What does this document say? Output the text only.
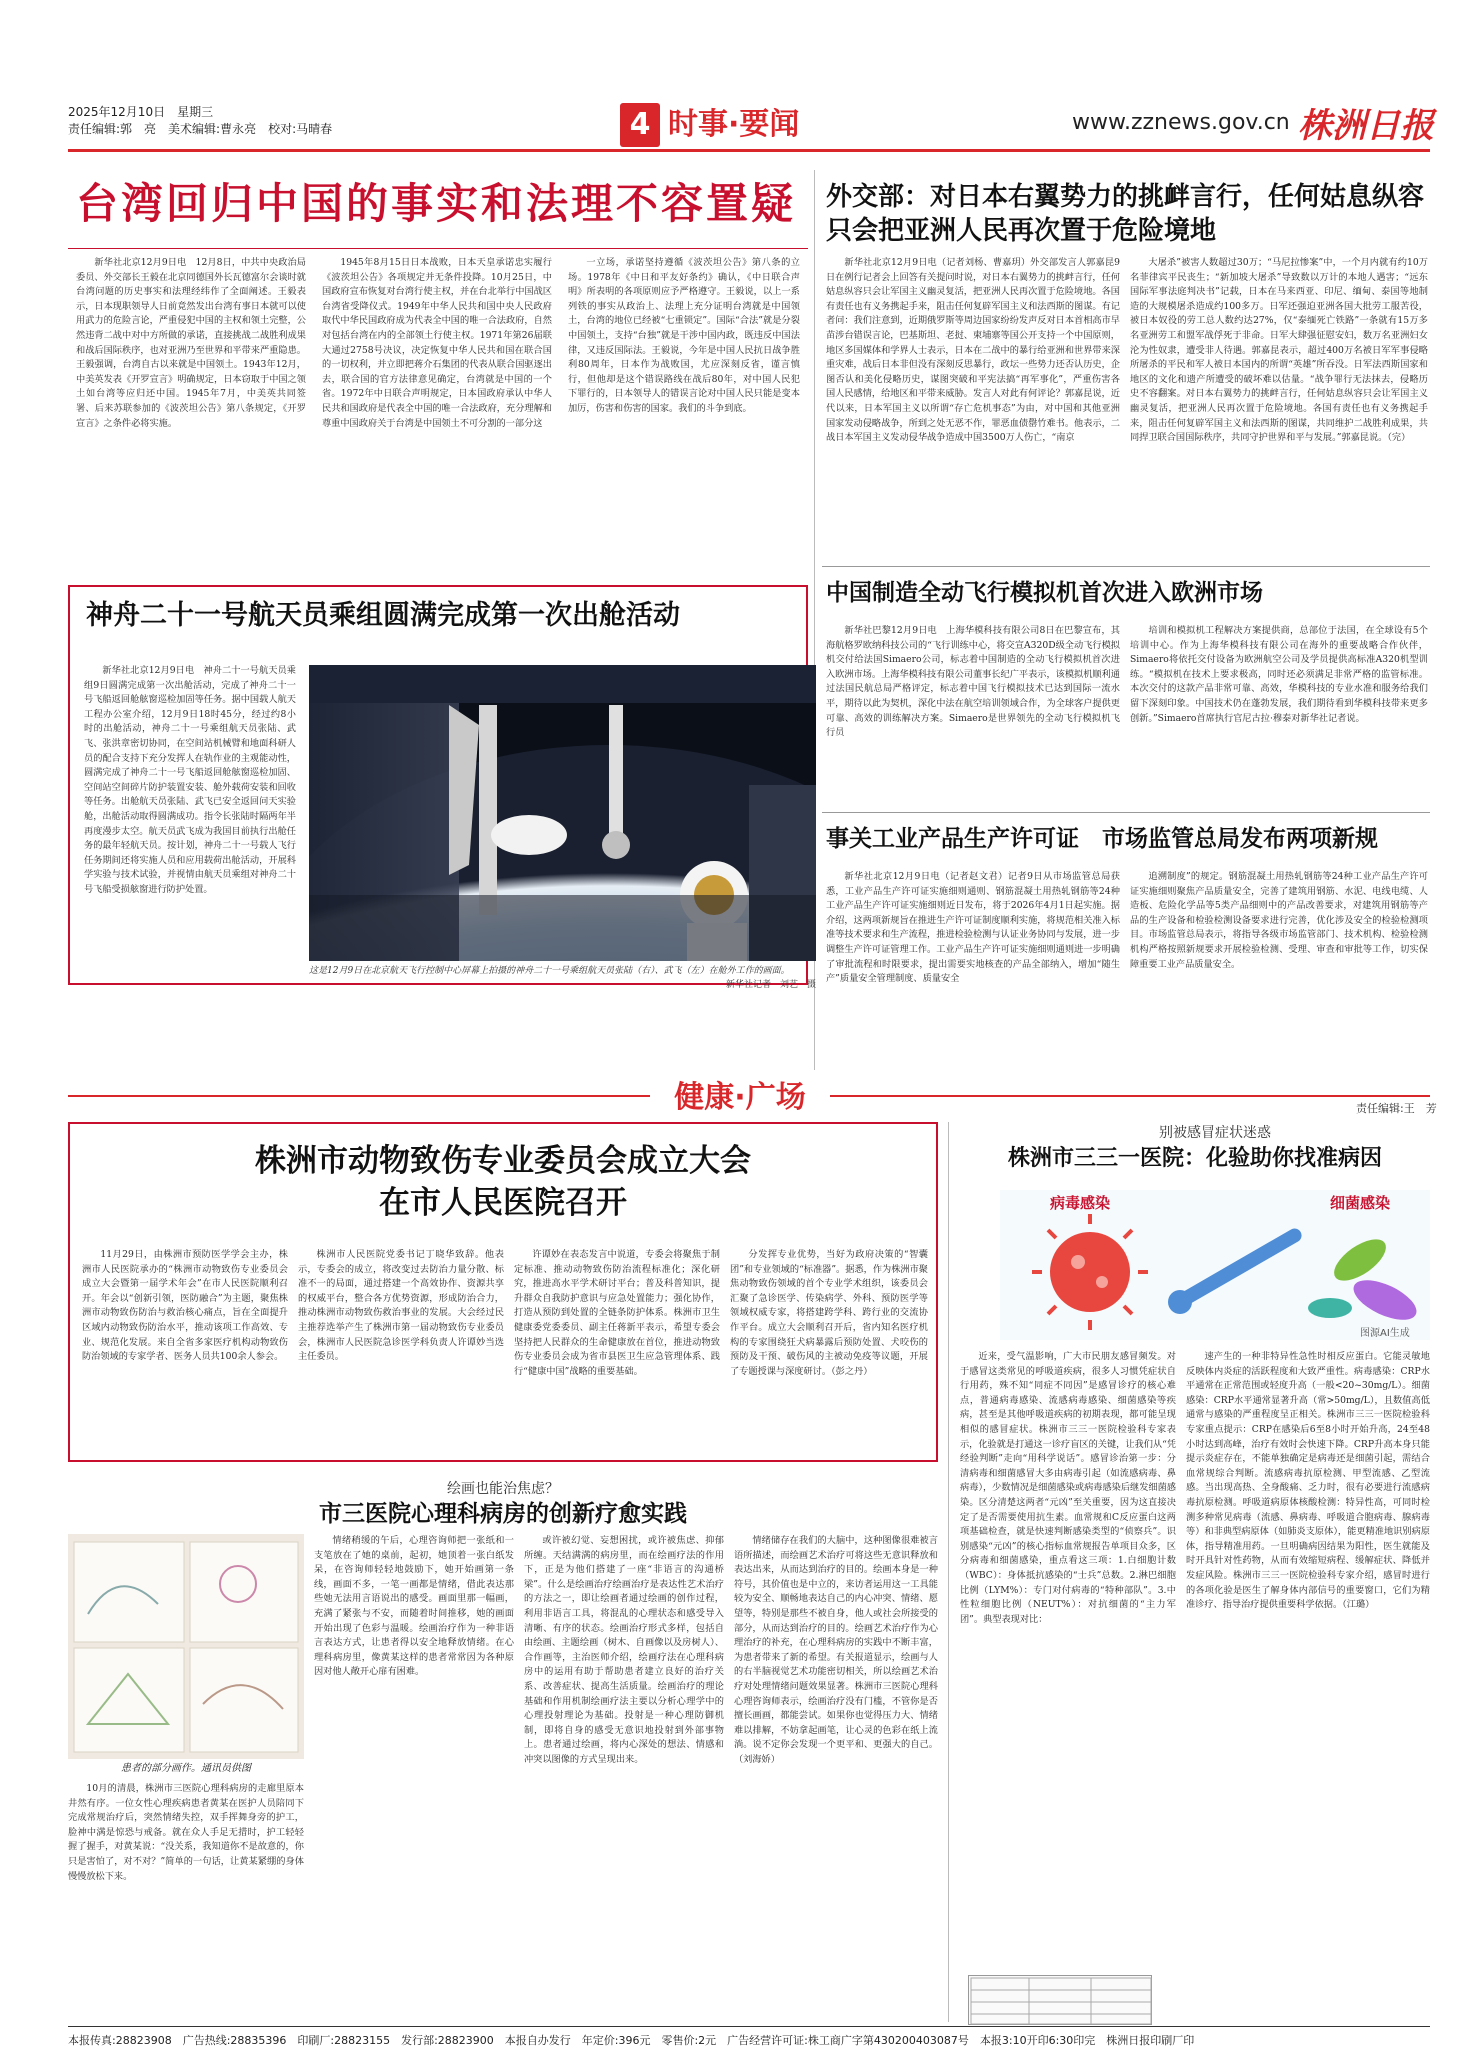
2025年12月10日　星期三
责任编辑:郭　亮　美术编辑:曹永亮　校对:马晴春	4 时事·要闻	www.zznews.gov.cn 株洲日报
台湾回归中国的事实和法理不容置疑
新华社北京12月9日电　12月8日，中共中央政治局委员、外交部长王毅在北京同德国外长瓦德富尔会谈时就台湾问题的历史事实和法理经纬作了全面阐述。王毅表示，日本现职领导人日前竟然发出台湾有事日本就可以使用武力的危险言论，严重侵犯中国的主权和领土完整，公然违背二战中对中方所做的承诺，直接挑战二战胜利成果和战后国际秩序，也对亚洲乃至世界和平带来严重隐患。王毅强调，台湾自古以来就是中国领土。1943年12月，中美英发表《开罗宣言》明确规定，日本窃取于中国之领土如台湾等应归还中国。1945年7月，中美英共同签署、后来苏联参加的《波茨坦公告》第八条规定，《开罗宣言》之条件必将实施。
1945年8月15日日本战败，日本天皇承诺忠实履行《波茨坦公告》各项规定并无条件投降。10月25日，中国政府宣布恢复对台湾行使主权，并在台北举行中国战区台湾省受降仪式。1949年中华人民共和国中央人民政府取代中华民国政府成为代表全中国的唯一合法政府，自然对包括台湾在内的全部领土行使主权。1971年第26届联大通过2758号决议，决定恢复中华人民共和国在联合国的一切权利，并立即把蒋介石集团的代表从联合国驱逐出去，联合国的官方法律意见确定，台湾就是中国的一个省。1972年中日联合声明规定，日本国政府承认中华人民共和国政府是代表全中国的唯一合法政府，充分理解和尊重中国政府关于台湾是中国领土不可分割的一部分这
一立场，承诺坚持遵循《波茨坦公告》第八条的立场。1978年《中日和平友好条约》确认，《中日联合声明》所表明的各项原则应予严格遵守。王毅说，以上一系列铁的事实从政治上、法理上充分证明台湾就是中国领土，台湾的地位已经被“七重锁定”。国际“合法”就是分裂中国领土，支持“台独”就是干涉中国内政，既违反中国法律，又违反国际法。王毅说，今年是中国人民抗日战争胜利80周年，日本作为战败国，尤应深刻反省，谨言慎行，但他却是这个错误路线在战后80年，对中国人民犯下罪行的，日本领导人的错误言论对中国人民只能是变本加厉，伤害和伤害的国家。我们的斗争到底。
外交部：对日本右翼势力的挑衅言行，任何姑息纵容只会把亚洲人民再次置于危险境地
新华社北京12月9日电（记者刘杨、曹嘉玥）外交部发言人郭嘉昆9日在例行记者会上回答有关提问时说，对日本右翼势力的挑衅言行，任何姑息纵容只会让军国主义幽灵复活，把亚洲人民再次置于危险境地。各国有责任也有义务携起手来，阻击任何复辟军国主义和法西斯的图谋。有记者问：我们注意到，近期俄罗斯等周边国家纷纷发声反对日本首相高市早苗涉台错误言论，巴基斯坦、老挝、柬埔寨等国公开支持一个中国原则，地区多国媒体和学界人士表示，日本在二战中的暴行给亚洲和世界带来深重灾难，战后日本非但没有深刻反思暴行，政坛一些势力还否认历史，企图否认和美化侵略历史，谋图突破和平宪法搞“再军事化”，严重伤害各国人民感情，给地区和平带来威胁。发言人对此有何评论？郭嘉昆说，近代以来，日本军国主义以所谓“存亡危机事态”为由，对中国和其他亚洲国家发动侵略战争，所到之处无恶不作，罪恶血债罄竹难书。他表示，二战日本军国主义发动侵华战争造成中国3500万人伤亡，“南京
大屠杀”被害人数超过30万；“马尼拉惨案”中，一个月内就有约10万名菲律宾平民丧生；“新加坡大屠杀”导致数以万计的本地人遇害；“远东国际军事法庭判决书”记载，日本在马来西亚、印尼、缅甸、泰国等地制造的大规模屠杀造成约100多万。日军还强迫亚洲各国大批劳工服苦役，被日本奴役的劳工总人数约达27%，仅“泰缅死亡铁路”一条就有15万多名亚洲劳工和盟军战俘死于非命。日军大肆强征慰安妇，数万名亚洲妇女沦为性奴隶，遭受非人待遇。郭嘉昆表示，超过400万名被日军军事侵略所屠杀的平民和军人被日本国内的所谓“英雄”所吞没。日军法西斯国家和地区的文化和遗产所遭受的破坏难以估量。“战争罪行无法抹去，侵略历史不容翻案。对日本右翼势力的挑衅言行，任何姑息纵容只会让军国主义幽灵复活，把亚洲人民再次置于危险境地。各国有责任也有义务携起手来，阻击任何复辟军国主义和法西斯的图谋，共同维护二战胜利成果，共同捍卫联合国国际秩序，共同守护世界和平与发展。”郭嘉昆说。（完）
神舟二十一号航天员乘组圆满完成第一次出舱活动
新华社北京12月9日电　神舟二十一号航天员乘组9日圆满完成第一次出舱活动，完成了神舟二十一号飞船返回舱舷窗巡检加固等任务。据中国载人航天工程办公室介绍，12月9日18时45分，经过约8小时的出舱活动，神舟二十一号乘组航天员张陆、武飞、张洪章密切协同，在空间站机械臂和地面科研人员的配合支持下充分发挥人在轨作业的主观能动性，圆满完成了神舟二十一号飞船返回舱舷窗巡检加固、空间站空间碎片防护装置安装、舱外载荷安装和回收等任务。出舱航天员张陆、武飞已安全返回问天实验舱，出舱活动取得圆满成功。指令长张陆时隔两年半再度漫步太空。航天员武飞成为我国目前执行出舱任务的最年轻航天员。按计划，神舟二十一号载人飞行任务期间还将实施人员和应用载荷出舱活动，开展科学实验与技术试验，并视情由航天员乘组对神舟二十号飞船受损舷窗进行防护处置。
这是12月9日在北京航天飞行控制中心屏幕上拍摄的神舟二十一号乘组航天员张陆（右）、武飞（左）在舱外工作的画面。
新华社记者　刘艺　摄
中国制造全动飞行模拟机首次进入欧洲市场
新华社巴黎12月9日电　上海华模科技有限公司8日在巴黎宣布，其海航格罗欧纳科技公司的“飞行训练中心，将交宣A320D级全动飞行模拟机交付给法国Simaero公司，标志着中国制造的全动飞行模拟机首次进入欧洲市场。上海华模科技有限公司董事长纪广平表示，该模拟机顺利通过法国民航总局严格评定，标志着中国飞行模拟技术已达到国际一流水平，期待以此为契机，深化中法在航空培训领域合作，为全球客户提供更可靠、高效的训练解决方案。Simaero是世界领先的全动飞行模拟机飞行员
培训和模拟机工程解决方案提供商，总部位于法国，在全球设有5个培训中心。作为上海华模科技有限公司在海外的重要战略合作伙伴，Simaero将依托交付设备为欧洲航空公司及学员提供高标准A320机型训练。“模拟机在技术上要求极高，同时还必须满足非常严格的监管标准。本次交付的这款产品非常可靠、高效，华模科技的专业水准和服务给我们留下深刻印象。中国技术仍在蓬勃发展，我们期待看到华模科技带来更多创新。”Simaero首席执行官尼古拉·穆泰对新华社记者说。
事关工业产品生产许可证　市场监管总局发布两项新规
新华社北京12月9日电（记者赵文君）记者9日从市场监管总局获悉，工业产品生产许可证实施细则通则、钢筋混凝土用热轧钢筋等24种工业产品生产许可证实施细则近日发布，将于2026年4月1日起实施。据介绍，这两项新规旨在推进生产许可证制度顺利实施，将规范相关准入标准等技术要求和生产流程，推进检验检测与认证业务协同与发展，进一步调整生产许可证管理工作。工业产品生产许可证实施细则通则进一步明确了审批流程和时限要求，提出需要实地核查的产品全部纳入，增加“随生产”质量安全管理制度、质量安全
追溯制度”的规定。钢筋混凝土用热轧钢筋等24种工业产品生产许可证实施细则聚焦产品质量安全，完善了建筑用钢筋、水泥、电线电缆、人造板、危险化学品等5类产品细则中的产品改善要求，对建筑用钢筋等产品的生产设备和检验检测设备要求进行完善，优化涉及安全的检验检测项目。市场监管总局表示，将指导各级市场监管部门、技术机构、检验检测机构严格按照新规要求开展检验检测、受理、审查和审批等工作，切实保障重要工业产品质量安全。
健康·广场	责任编辑:王　芳
株洲市动物致伤专业委员会成立大会
在市人民医院召开
11月29日，由株洲市预防医学学会主办，株洲市人民医院承办的“株洲市动物致伤专业委员会成立大会暨第一届学术年会”在市人民医院顺利召开。年会以“创新引领，医防融合”为主题，聚焦株洲市动物致伤防治与救治核心痛点，旨在全面提升区域内动物致伤防治水平，推动该项工作高效、专业、规范化发展。来自全省多家医疗机构动物致伤防治领域的专家学者、医务人员共100余人参会。
株洲市人民医院党委书记丁晓华致辞。他表示，专委会的成立，将改变过去防治力量分散、标准不一的局面，通过搭建一个高效协作、资源共享的权威平台，整合各方优势资源，形成防治合力，推动株洲市动物致伤救治事业的发展。大会经过民主推荐选举产生了株洲市第一届动物致伤专业委员会，株洲市人民医院急诊医学科负责人许谭妙当选主任委员。
许谭妙在表态发言中说道，专委会将聚焦于制定标准、推动动物致伤防治流程标准化；深化研究，推进高水平学术研讨平台；普及科普知识，提升群众自我防护意识与应急处置能力；强化协作，打造从预防到处置的全链条防护体系。株洲市卫生健康委党委委员、副主任蒋新平表示，希望专委会坚持把人民群众的生命健康放在首位，推进动物致伤专业委员会成为省市县医卫生应急管理体系、践行“健康中国”战略的重要基础。
分发挥专业优势，当好为政府决策的“智囊团”和专业领域的“标准器”。据悉，作为株洲市聚焦动物致伤领域的首个专业学术组织，该委员会汇聚了急诊医学、传染病学、外科、预防医学等领域权威专家，将搭建跨学科、跨行业的交流协作平台。成立大会顺利召开后，省内知名医疗机构的专家围绕狂犬病暴露后预防处置、犬咬伤的预防及干预、破伤风的主被动免疫等议题，开展了专题授课与深度研讨。（彭之丹）
别被感冒症状迷惑
株洲市三三一医院：化验助你找准病因
病毒感染	细菌感染
图源AI生成
近来，受气温影响，广大市民朋友感冒频发。对于感冒这类常见的呼吸道疾病，很多人习惯凭症状自行用药，殊不知“同症不同因”是感冒诊疗的核心难点，普通病毒感染、流感病毒感染、细菌感染等疾病，甚至是其他呼吸道疾病的初期表现，都可能呈现相似的感冒症状。株洲市三三一医院检验科专家表示，化验就是打通这一诊疗盲区的关键，让我们从“凭经验判断”走向“用科学说话”。感冒诊治第一步：分清病毒和细菌感冒大多由病毒引起（如流感病毒、鼻病毒），少数情况是细菌感染或病毒感染后继发细菌感染。区分清楚这两者“元凶”至关重要，因为这直接决定了是否需要使用抗生素。血常规和C反应蛋白这两项基础检查，就是快速判断感染类型的“侦察兵”。识别感染“元凶”的核心指标血常规报告单项目众多，区分病毒和细菌感染，重点看这三项：1.白细胞计数（WBC）：身体抵抗感染的“士兵”总数。2.淋巴细胞比例（LYM%）：专门对付病毒的“特种部队”。3.中性粒细胞比例（NEUT%）：对抗细菌的“主力军团”。典型表现对比：
速产生的一种非特异性急性时相反应蛋白。它能灵敏地反映体内炎症的活跃程度和大致严重性。病毒感染：CRP水平通常在正常范围或轻度升高（一般<20~30mg/L）。细菌感染：CRP水平通常显著升高（常>50mg/L），且数值高低通常与感染的严重程度呈正相关。株洲市三三一医院检验科专家重点提示：CRP在感染后6至8小时开始升高，24至48小时达到高峰，治疗有效时会快速下降。CRP升高本身只能提示炎症存在，不能单独确定是病毒还是细菌引起，需结合血常规综合判断。流感病毒抗原检测、甲型流感、乙型流感。当出现高热、全身酸痛、乏力时，很有必要进行流感病毒抗原检测。呼吸道病原体核酸检测：特异性高，可同时检测多种常见病毒（流感、鼻病毒、呼吸道合胞病毒、腺病毒等）和非典型病原体（如肺炎支原体），能更精准地识别病原体，指导精准用药。一旦明确病因结果为阳性，医生就能及时开具针对性药物，从而有效缩短病程、缓解症状、降低并发症风险。株洲市三三一医院检验科专家介绍，感冒时进行的各项化验是医生了解身体内部信号的重要窗口，它们为精准诊疗、指导治疗提供重要科学依据。（江璐）
绘画也能治焦虑？
市三医院心理科病房的创新疗愈实践
患者的部分画作。通讯员供图
10月的清晨，株洲市三医院心理科病房的走廊里原本井然有序。一位女性心理疾病患者黄某在医护人员陪同下完成常规治疗后，突然情绪失控，双手挥舞身旁的护工，脸神中满是惊恐与戒备。就在众人手足无措时，护工轻轻握了握手，对黄某说：“没关系，我知道你不是故意的，你只是害怕了，对不对？”简单的一句话，让黄某紧绷的身体慢慢放松下来。
情绪稍缓的午后，心理咨询师把一张纸和一支笔放在了她的桌前，起初，她顶着一张白纸发呆，在咨询师轻轻地鼓励下，她开始画第一条线，画面不多，一笔一画都是情绪，借此表达那些她无法用言语说出的感受。画面里那一幅画，充满了紧张与不安，而随着时间推移，她的画面开始出现了色彩与温暖。绘画治疗作为一种非语言表达方式，让患者得以安全地释放情绪。在心理科病房里，像黄某这样的患者常常因为各种原因对他人敞开心扉有困难。
或许被幻觉、妄想困扰，或许被焦虑、抑郁所缠。天结满满的病房里，而在绘画疗法的作用下，正是为他们搭建了一座“非语言的沟通桥梁”。什么是绘画治疗绘画治疗是表达性艺术治疗的方法之一，即让绘画者通过绘画的创作过程，利用非语言工具，将混乱的心理状态和感受导入清晰、有序的状态。绘画治疗形式多样，包括自由绘画、主题绘画（树木、自画像以及房树人）、合作画等，主治医师介绍，绘画疗法在心理科病房中的运用有助于帮助患者建立良好的治疗关系、改善症状、提高生活质量。绘画治疗的理论基础和作用机制绘画疗法主要以分析心理学中的心理投射理论为基础。投射是一种心理防御机制，即将自身的感受无意识地投射到外部事物上。患者通过绘画，将内心深处的想法、情感和冲突以图像的方式呈现出来。
情绪储存在我们的大脑中，这种图像很难被言语所描述，而绘画艺术治疗可将这些无意识释放和表达出来，从而达到治疗的目的。绘画本身是一种符号，其价值也是中立的，来访者运用这一工具能较为安全、顺畅地表达自己的内心冲突、情绪、愿望等，特别是那些不被自身，他人或社会所接受的部分，从而达到治疗的目的。绘画艺术治疗作为心理治疗的补充，在心理科病房的实践中不断丰富，为患者带来了新的希望。有关报道显示，绘画与人的右半脑视觉艺术功能密切相关，所以绘画艺术治疗对处理情绪问题效果显著。株洲市三医院心理科心理咨询师表示，绘画治疗没有门槛，不管你是否擅长画画，都能尝试。如果你也觉得压力大、情绪难以排解，不妨拿起画笔，让心灵的色彩在纸上流淌。说不定你会发现一个更平和、更强大的自己。（刘海娇）
本报传真:28823908　广告热线:28835396　印刷厂:28823155　发行部:28823900　本报自办发行　年定价:396元　零售价:2元　广告经营许可证:株工商广字第430200403087号　本报3:10开印6:30印完　株洲日报印刷厂印
